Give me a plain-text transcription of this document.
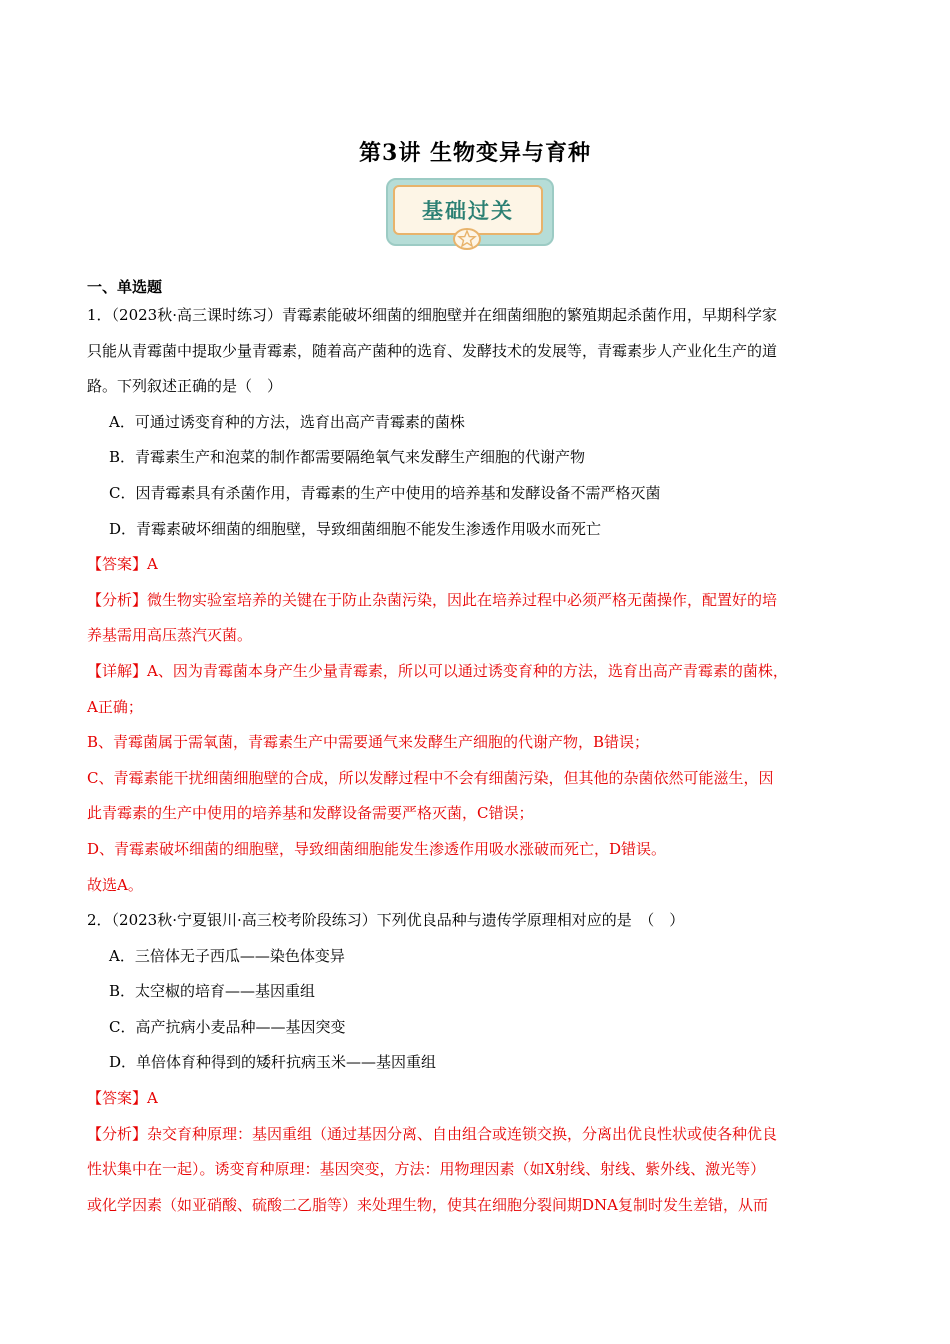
第3讲 生物变异与育种
基础过关
一、单选题
1．（2023秋·高三课时练习）青霉素能破坏细菌的细胞壁并在细菌细胞的繁殖期起杀菌作用，早期科学家
只能从青霉菌中提取少量青霉素，随着高产菌种的选育、发酵技术的发展等，青霉素步人产业化生产的道
路。下列叙述正确的是（　）
A．可通过诱变育种的方法，选育出高产青霉素的菌株
B．青霉素生产和泡菜的制作都需要隔绝氧气来发酵生产细胞的代谢产物
C．因青霉素具有杀菌作用，青霉素的生产中使用的培养基和发酵设备不需严格灭菌
D．青霉素破坏细菌的细胞壁，导致细菌细胞不能发生渗透作用吸水而死亡
【答案】A
【分析】微生物实验室培养的关键在于防止杂菌污染，因此在培养过程中必须严格无菌操作，配置好的培
养基需用高压蒸汽灭菌。
【详解】A、因为青霉菌本身产生少量青霉素，所以可以通过诱变育种的方法，选育出高产青霉素的菌株，
A正确；
B、青霉菌属于需氧菌，青霉素生产中需要通气来发酵生产细胞的代谢产物，B错误；
C、青霉素能干扰细菌细胞壁的合成，所以发酵过程中不会有细菌污染，但其他的杂菌依然可能滋生，因
此青霉素的生产中使用的培养基和发酵设备需要严格灭菌，C错误；
D、青霉素破坏细菌的细胞壁，导致细菌细胞能发生渗透作用吸水涨破而死亡，D错误。
故选A。
2．（2023秋·宁夏银川·高三校考阶段练习）下列优良品种与遗传学原理相对应的是　（　）
A．三倍体无子西瓜——染色体变异
B．太空椒的培育——基因重组
C．高产抗病小麦品种——基因突变
D．单倍体育种得到的矮秆抗病玉米——基因重组
【答案】A
【分析】杂交育种原理：基因重组（通过基因分离、自由组合或连锁交换，分离出优良性状或使各种优良
性状集中在一起）。诱变育种原理：基因突变，方法：用物理因素（如X射线、射线、紫外线、激光等）
或化学因素（如亚硝酸、硫酸二乙脂等）来处理生物，使其在细胞分裂间期DNA复制时发生差错，从而
